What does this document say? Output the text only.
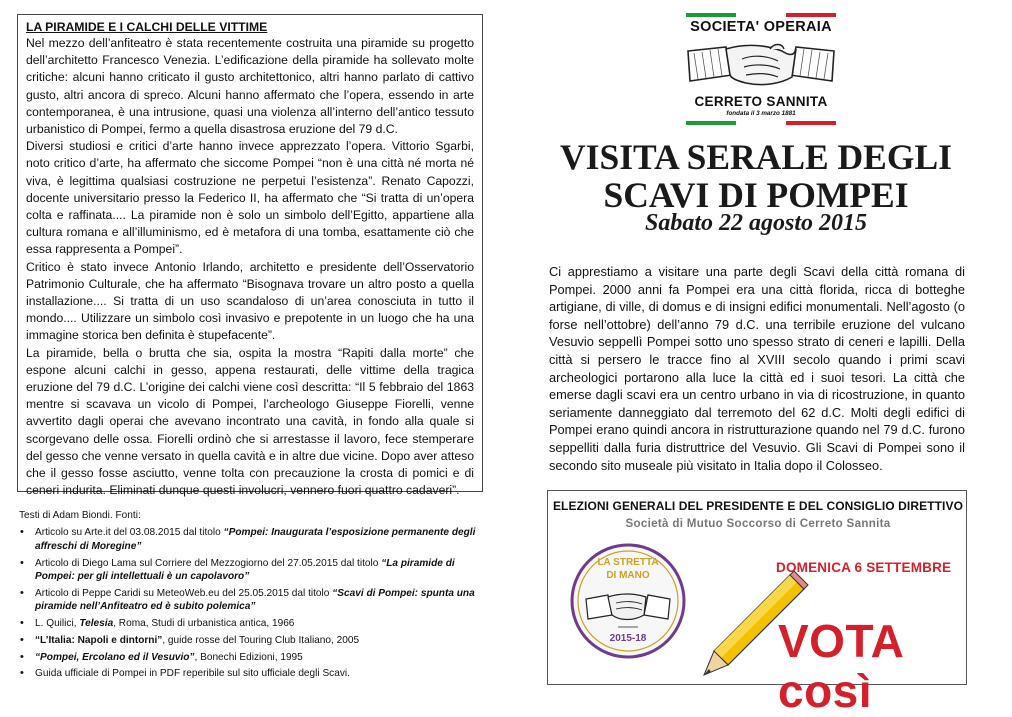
LA PIRAMIDE E I CALCHI DELLE VITTIME

Nel mezzo dell’anfiteatro è stata recentemente costruita una piramide su progetto dell’architetto Francesco Venezia. L’edificazione della piramide ha sollevato molte critiche: alcuni hanno criticato il gusto architettonico, altri hanno parlato di cattivo gusto, altri ancora di spreco. Alcuni hanno affermato che l’opera, essendo in arte contemporanea, è una intrusione, quasi una violenza all’interno dell’antico tessuto urbanistico di Pompei, fermo a quella disastrosa eruzione del 79 d.C.

Diversi studiosi e critici d’arte hanno invece apprezzato l’opera. Vittorio Sgarbi, noto critico d’arte, ha affermato che siccome Pompei “non è una città né morta né viva, è legittima qualsiasi costruzione ne perpetui l’esistenza”. Renato Capozzi, docente universitario presso la Federico II, ha affermato che “Si tratta di un’opera colta e raffinata.... La piramide non è solo un simbolo dell’Egitto, appartiene alla cultura romana e all’illuminismo, ed è metafora di una tomba, esattamente ciò che essa rappresenta a Pompei”.

Critico è stato invece Antonio Irlando, architetto e presidente dell’Osservatorio Patrimonio Culturale, che ha affermato “Bisognava trovare un altro posto a quella installazione.... Si tratta di un uso scandaloso di un’area conosciuta in tutto il mondo.... Utilizzare un simbolo così invasivo e prepotente in un luogo che ha una immagine storica ben definita è stupefacente”.

La piramide, bella o brutta che sia, ospita la mostra “Rapiti dalla morte” che espone alcuni calchi in gesso, appena restaurati, delle vittime della tragica eruzione del 79 d.C. L’origine dei calchi viene così descritta: “Il 5 febbraio del 1863 mentre si scavava un vicolo di Pompei, l’archeologo Giuseppe Fiorelli, venne avvertito dagli operai che avevano incontrato una cavità, in fondo alla quale si scorgevano delle ossa. Fiorelli ordinò che si arrestasse il lavoro, fece stemperare del gesso che venne versato in quella cavità e in altre due vicine. Dopo aver atteso che il gesso fosse asciutto, venne tolta con precauzione la crosta di pomici e di ceneri indurita. Eliminati dunque questi involucri, vennero fuori quattro cadaveri”.

Testi di Adam Biondi. Fonti:
• Articolo su Arte.it del 03.08.2015 dal titolo “Pompei: Inaugurata l’esposizione permanente degli affreschi di Moregine”
• Articolo di Diego Lama sul Corriere del Mezzogiorno del 27.05.2015 dal titolo “La piramide di Pompei: per gli intellettuali è un capolavoro”
• Articolo di Peppe Caridi su MeteoWeb.eu del 25.05.2015 dal titolo “Scavi di Pompei: spunta una piramide nell’Anfiteatro ed è subito polemica”
• L. Quilici, Telesia, Roma, Studi di urbanistica antica, 1966
• “L’Italia: Napoli e dintorni”, guide rosse del Touring Club Italiano, 2005
• “Pompei, Ercolano ed il Vesuvio”, Bonechi Edizioni, 1995
• Guida ufficiale di Pompei in PDF reperibile sul sito ufficiale degli Scavi.
SOCIETA' OPERAIA
CERRETO SANNITA
fondata il 3 marzo 1881
VISITA SERALE DEGLI
SCAVI DI POMPEI
Sabato 22 agosto 2015

Ci apprestiamo a visitare una parte degli Scavi della città romana di Pompei. 2000 anni fa Pompei era una città florida, ricca di botteghe artigiane, di ville, di domus e di insigni edifici monumentali. Nell’agosto (o forse nell’ottobre) dell’anno 79 d.C. una terribile eruzione del vulcano Vesuvio seppellì Pompei sotto uno spesso strato di ceneri e lapilli. Della città si persero le tracce fino al XVIII secolo quando i primi scavi archeologici portarono alla luce la città ed i suoi tesori. La città che emerse dagli scavi era un centro urbano in via di ricostruzione, in quanto seriamente danneggiato dal terremoto del 62 d.C. Molti degli edifici di Pompei erano quindi ancora in ristrutturazione quando nel 79 d.C. furono seppelliti dalla furia distruttrice del Vesuvio. Gli Scavi di Pompei sono il secondo sito museale più visitato in Italia dopo il Colosseo.

ELEZIONI GENERALI DEL PRESIDENTE E DEL CONSIGLIO DIRETTIVO
Società di Mutuo Soccorso di Cerreto Sannita
LA STRETTA
DI MANO
2015-18
DOMENICA 6 SETTEMBRE
VOTA così
